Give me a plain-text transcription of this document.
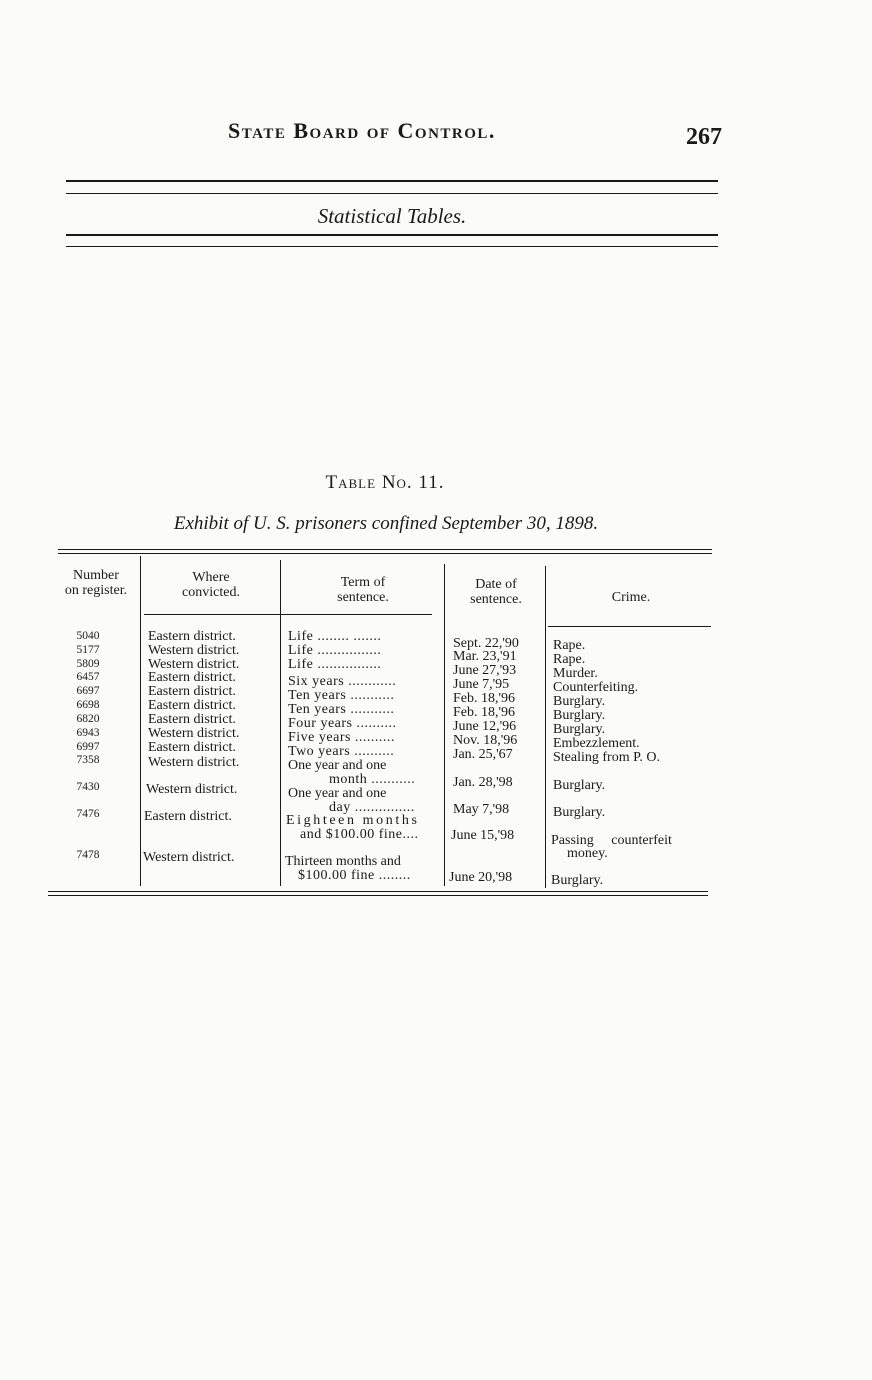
State Board of Control.	267
Statistical Tables.
Table No. 11.
Exhibit of U. S. prisoners confined September 30, 1898.
Number
on register.
Where
convicted.
Term of
sentence.
Date of
sentence.	Crime.
5040	Eastern district.	Life ........ .......	Sept. 22,'90 Rape.
5177	Western district.	Life ................	Mar. 23,'91	Rape.
5809	Western district.	Life ................	June 27,'93	Murder.
6457	Eastern district.	Six years ............	June 7,'95	Counterfeiting.
6697	Eastern district.	Ten years ...........	Feb. 18,'96	Burglary.
6698	Eastern district.	Ten years ...........	Feb. 18,'96	Burglary.
6820	Eastern district.	Four years ..........	June 12,'96	Burglary.
6943	Western district.	Five years ..........	Nov. 18,'96	Embezzlement.
6997	Eastern district.	Two years ..........	Jan. 25,'67	Stealing from P. O.
7358	Western district.	One year and one
month ...........	Jan. 28,'98	Burglary.
7430	Western district.	One year and one
day ...............	May 7,'98	Burglary.
7476	Eastern district.	Eighteen months
and $100.00 fine.... June 15,'98	Passing counterfeit
money.
7478	Western district.	Thirteen months and
$100.00 fine ........	June 20,'98	Burglary.
